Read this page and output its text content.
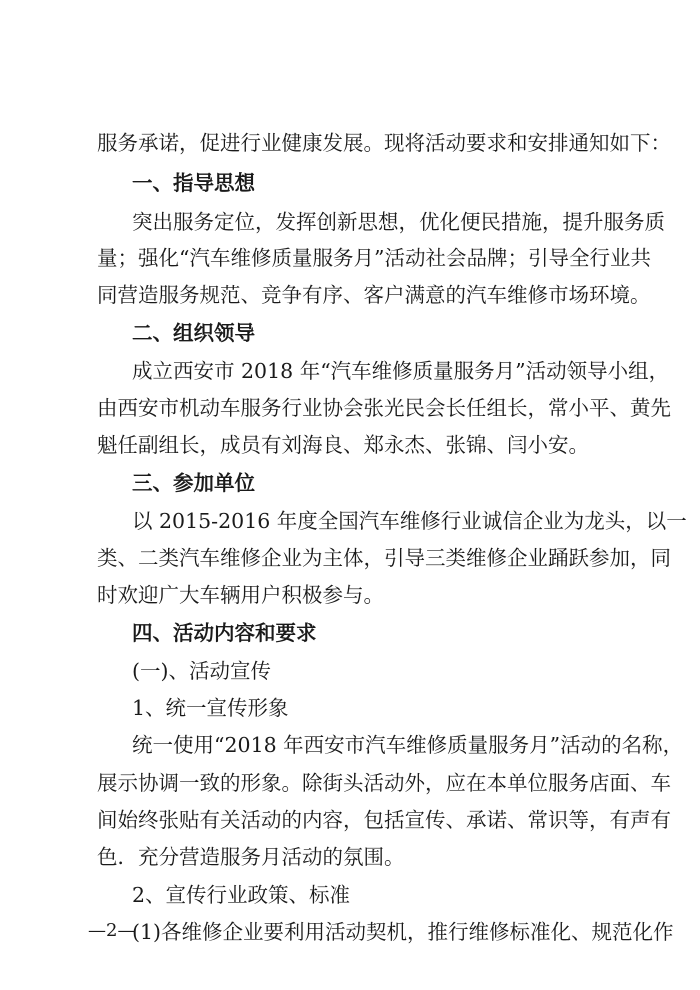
服务承诺，促进行业健康发展。现将活动要求和安排通知如下：
一、指导思想
突出服务定位，发挥创新思想，优化便民措施，提升服务质
量；强化“汽车维修质量服务月”活动社会品牌；引导全行业共
同营造服务规范、竞争有序、客户满意的汽车维修市场环境。
二、组织领导
成立西安市 2018 年“汽车维修质量服务月”活动领导小组，
由西安市机动车服务行业协会张光民会长任组长，常小平、黄先
魁任副组长，成员有刘海良、郑永杰、张锦、闫小安。
三、参加单位
以 2015-2016 年度全国汽车维修行业诚信企业为龙头，以一
类、二类汽车维修企业为主体，引导三类维修企业踊跃参加，同
时欢迎广大车辆用户积极参与。
四、活动内容和要求
(一)、活动宣传
1、统一宣传形象
统一使用“2018 年西安市汽车维修质量服务月”活动的名称，
展示协调一致的形象。除街头活动外，应在本单位服务店面、车
间始终张贴有关活动的内容，包括宣传、承诺、常识等，有声有
色．充分营造服务月活动的氛围。
2、宣传行业政策、标准
(1)各维修企业要利用活动契机，推行维修标准化、规范化作
—2—
